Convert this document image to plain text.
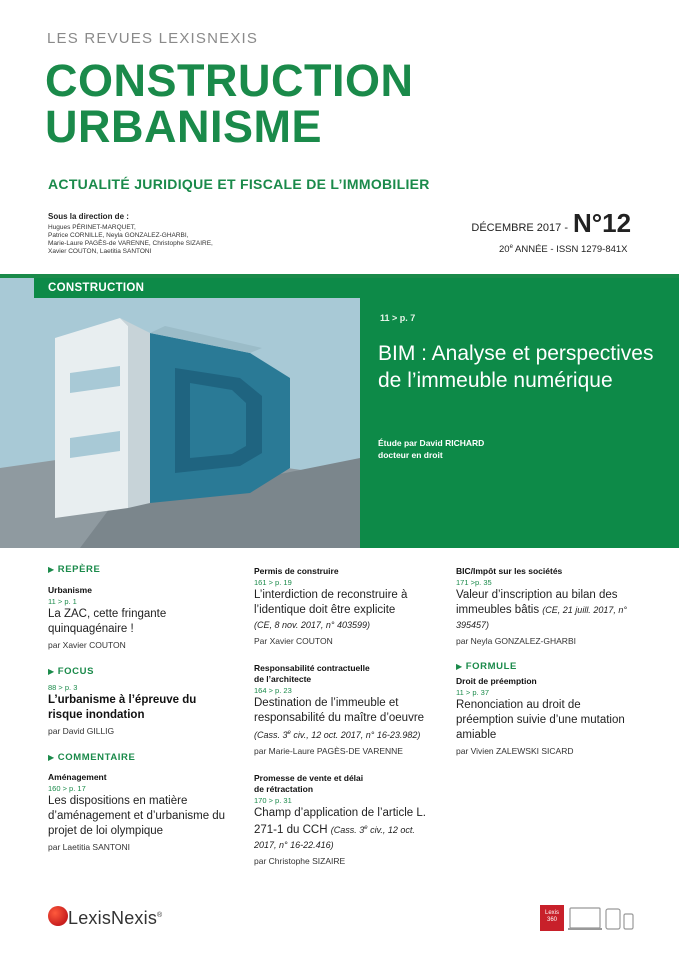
LES REVUES LEXISNEXIS
CONSTRUCTION
URBANISME
ACTUALITÉ JURIDIQUE ET FISCALE DE L’IMMOBILIER
Sous la direction de :
Hugues PÉRINET-MARQUET,
Patrice CORNILLE, Neyla GONZALEZ-GHARBI,
Marie-Laure PAGÈS-de VARENNE, Christophe SIZAIRE,
Xavier COUTON, Laetitia SANTONI
DÉCEMBRE 2017 - N°12
20e ANNÉE - ISSN 1279-841X
CONSTRUCTION
11 > p. 7
BIM : Analyse et perspectives de l’immeuble numérique
Étude par David RICHARD
docteur en droit
▶ REPÈRE
Urbanisme
11 > p. 1
La ZAC, cette fringante quinquagénaire !
par Xavier COUTON
▶ FOCUS
88 > p. 3
L’urbanisme à l’épreuve du risque inondation
par David GILLIG
▶ COMMENTAIRE
Aménagement
160 > p. 17
Les dispositions en matière d’aménagement et d’urbanisme du projet de loi olympique
par Laetitia SANTONI
Permis de construire
161 > p. 19
L’interdiction de reconstruire à l’identique doit être explicite
(CE, 8 nov. 2017, n° 403599)
Par Xavier COUTON
Responsabilité contractuelle
de l’architecte
164 > p. 23
Destination de l’immeuble et responsabilité du maître d’oeuvre (Cass. 3e civ., 12 oct. 2017, n° 16-23.982)
par Marie-Laure PAGÈS-DE VARENNE
Promesse de vente et délai
de rétractation
170 > p. 31
Champ d’application de l’article L. 271-1 du CCH (Cass. 3e civ., 12 oct. 2017, n° 16-22.416)
par Christophe SIZAIRE
BIC/Impôt sur les sociétés
171 >p. 35
Valeur d’inscription au bilan des immeubles bâtis (CE, 21 juill. 2017, n° 395457)
par Neyla GONZALEZ-GHARBI
▶ FORMULE
Droit de préemption
11 > p. 37
Renonciation au droit de préemption suivie d’une mutation amiable
par Vivien ZALEWSKI SICARD
LexisNexis®	Lexis
360
